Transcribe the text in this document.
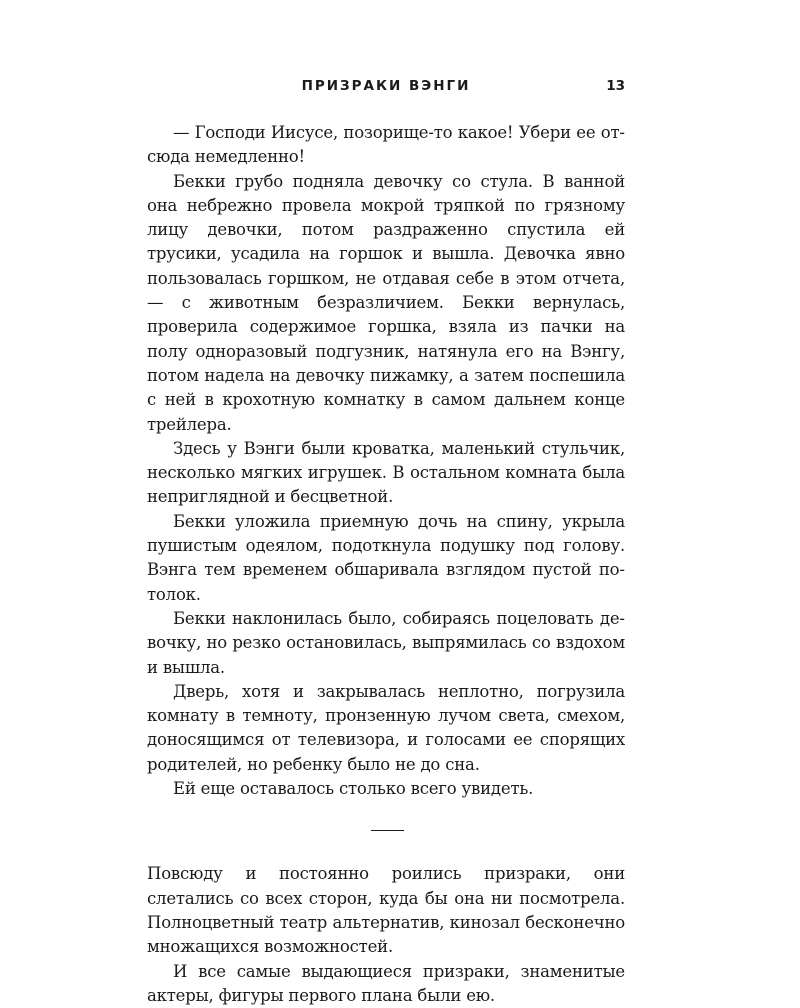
ПРИЗРАКИ ВЭНГИ	13

— Господи Иисусе, позорище-то какое! Убери ее отсюда немедленно!

Бекки грубо подняла девочку со стула. В ванной она небрежно провела мокрой тряпкой по грязному лицу девочки, потом раздраженно спустила ей трусики, усадила на горшок и вышла. Девочка явно пользовалась горшком, не отдавая себе в этом отчета, — с животным безразличием. Бекки вернулась, проверила содержимое горшка, взяла из пачки на полу одноразовый подгузник, натянула его на Вэнгу, потом надела на девочку пижамку, а затем поспешила с ней в крохотную комнатку в самом дальнем конце трейлера.

Здесь у Вэнги были кроватка, маленький стульчик, несколько мягких игрушек. В остальном комната была неприглядной и бесцветной.

Бекки уложила приемную дочь на спину, укрыла пушистым одеялом, подоткнула подушку под голову. Вэнга тем временем обшаривала взглядом пустой потолок.

Бекки наклонилась было, собираясь поцеловать девочку, но резко остановилась, выпрямилась со вздохом и вышла.

Дверь, хотя и закрывалась неплотно, погрузила комнату в темноту, пронзенную лучом света, смехом, доносящимся от телевизора, и голосами ее спорящих родителей, но ребенку было не до сна.

Ей еще оставалось столько всего увидеть.

Повсюду и постоянно роились призраки, они слетались со всех сторон, куда бы она ни посмотрела. Полноцветный театр альтернатив, кинозал бесконечно множащихся возможностей.

И все самые выдающиеся призраки, знаменитые актеры, фигуры первого плана были ею.
